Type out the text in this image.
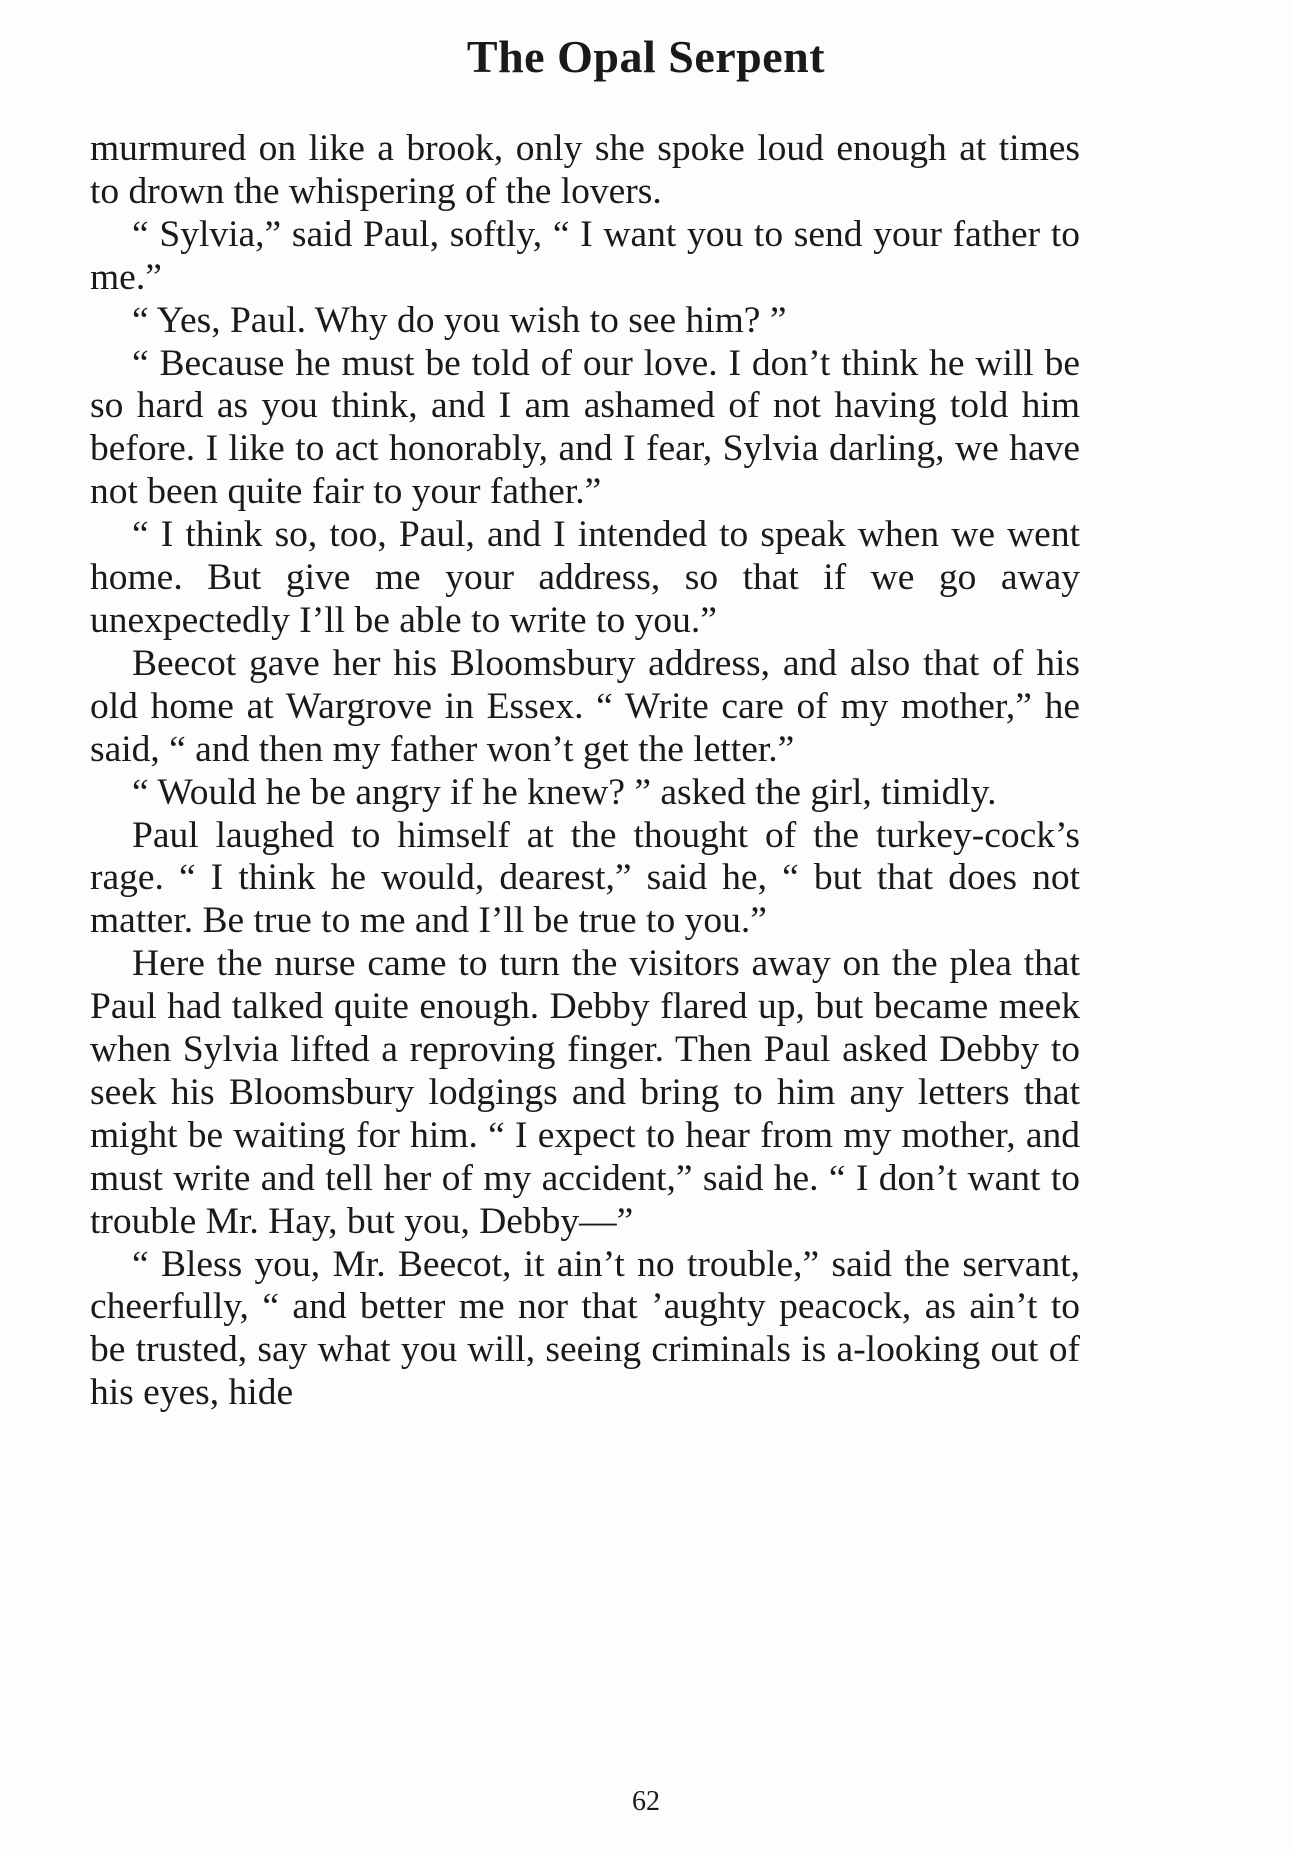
The Opal Serpent

murmured on like a brook, only she spoke loud enough at times to drown the whispering of the lovers.

“ Sylvia,” said Paul, softly, “ I want you to send your father to me.”

“ Yes, Paul. Why do you wish to see him? ”

“ Because he must be told of our love. I don’t think he will be so hard as you think, and I am ashamed of not having told him before. I like to act honorably, and I fear, Sylvia darling, we have not been quite fair to your father.”

“ I think so, too, Paul, and I intended to speak when we went home. But give me your address, so that if we go away unexpectedly I’ll be able to write to you.”

Beecot gave her his Bloomsbury address, and also that of his old home at Wargrove in Essex. “ Write care of my mother,” he said, “ and then my father won’t get the letter.”

“ Would he be angry if he knew? ” asked the girl, timidly.

Paul laughed to himself at the thought of the turkey-cock’s rage. “ I think he would, dearest,” said he, “ but that does not matter. Be true to me and I’ll be true to you.”

Here the nurse came to turn the visitors away on the plea that Paul had talked quite enough. Debby flared up, but became meek when Sylvia lifted a reproving finger. Then Paul asked Debby to seek his Bloomsbury lodgings and bring to him any letters that might be waiting for him. “ I expect to hear from my mother, and must write and tell her of my accident,” said he. “ I don’t want to trouble Mr. Hay, but you, Debby—”

“ Bless you, Mr. Beecot, it ain’t no trouble,” said the servant, cheerfully, “ and better me nor that ’aughty peacock, as ain’t to be trusted, say what you will, seeing criminals is a-looking out of his eyes, hide

62
